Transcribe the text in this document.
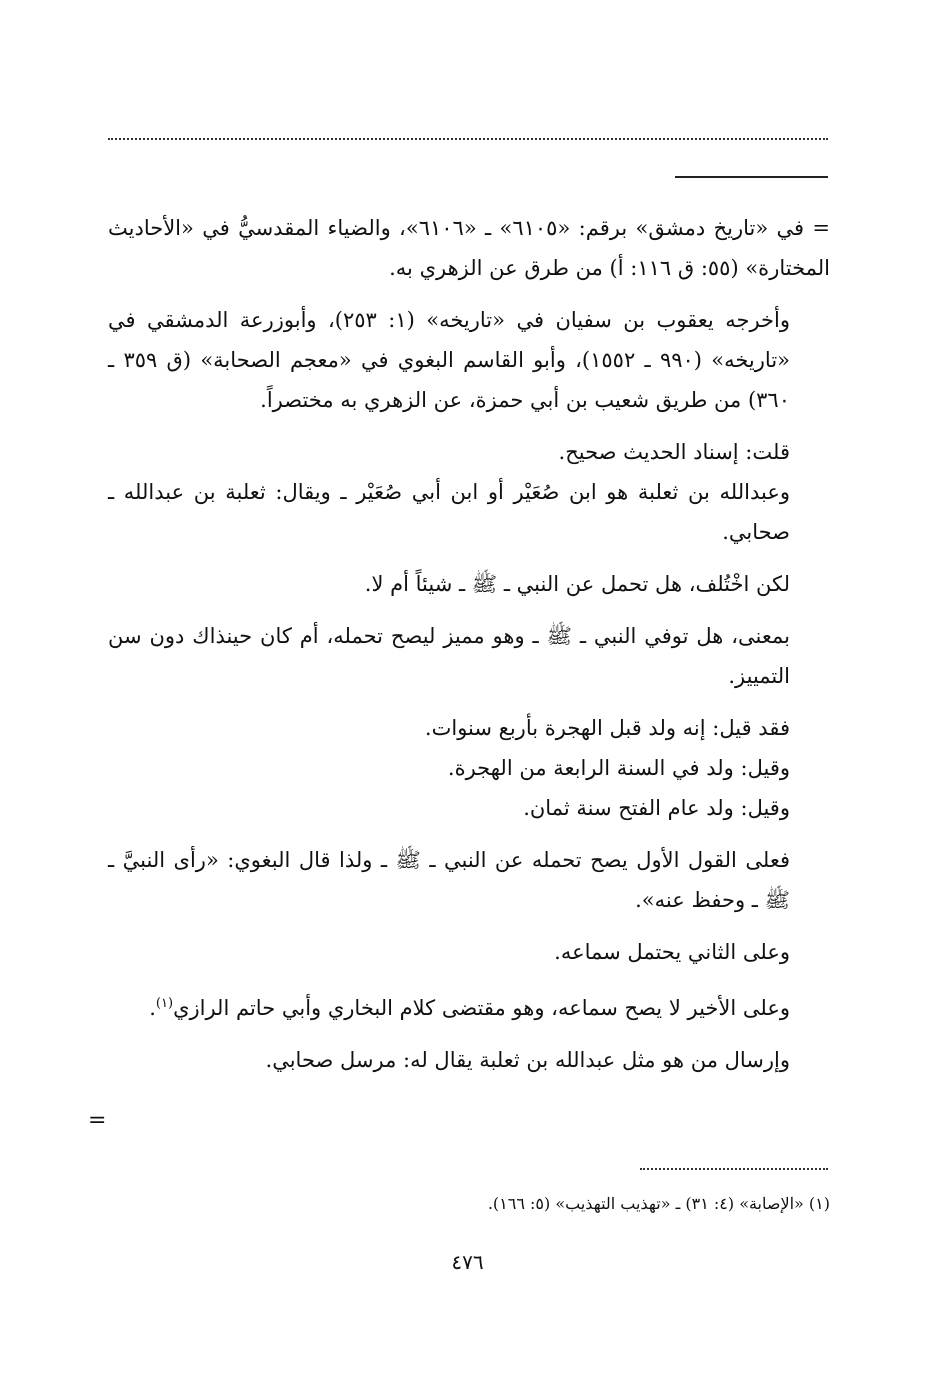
= في «تاريخ دمشق» برقم: «٦١٠٥» ـ «٦١٠٦»، والضياء المقدسيُّ في «الأحاديث المختارة» (٥٥: ق ١١٦: أ) من طرق عن الزهري به.

وأخرجه يعقوب بن سفيان في «تاريخه» (١: ٢٥٣)، وأبوزرعة الدمشقي في «تاريخه» (٩٩٠ ـ ١٥٥٢)، وأبو القاسم البغوي في «معجم الصحابة» (ق ٣٥٩ ـ ٣٦٠) من طريق شعيب بن أبي حمزة، عن الزهري به مختصراً.

قلت: إسناد الحديث صحيح.

وعبدالله بن ثعلبة هو ابن صُعَيْر أو ابن أبي صُعَيْر ـ ويقال: ثعلبة بن عبدالله ـ صحابي.

لكن اخْتُلف، هل تحمل عن النبي ـ ﷺ ـ شيئاً أم لا.

بمعنى، هل توفي النبي ـ ﷺ ـ وهو مميز ليصح تحمله، أم كان حينذاك دون سن التمييز.

فقد قيل: إنه ولد قبل الهجرة بأربع سنوات.

وقيل: ولد في السنة الرابعة من الهجرة.

وقيل: ولد عام الفتح سنة ثمان.

فعلى القول الأول يصح تحمله عن النبي ـ ﷺ ـ ولذا قال البغوي: «رأى النبيَّ ـ ﷺ ـ وحفظ عنه».

وعلى الثاني يحتمل سماعه.

وعلى الأخير لا يصح سماعه، وهو مقتضى كلام البخاري وأبي حاتم الرازي$^{(١)}$.

وإرسال من هو مثل عبدالله بن ثعلبة يقال له: مرسل صحابي.

=
(١) «الإصابة» (٤: ٣١) ـ «تهذيب التهذيب» (٥: ١٦٦).
٤٧٦
